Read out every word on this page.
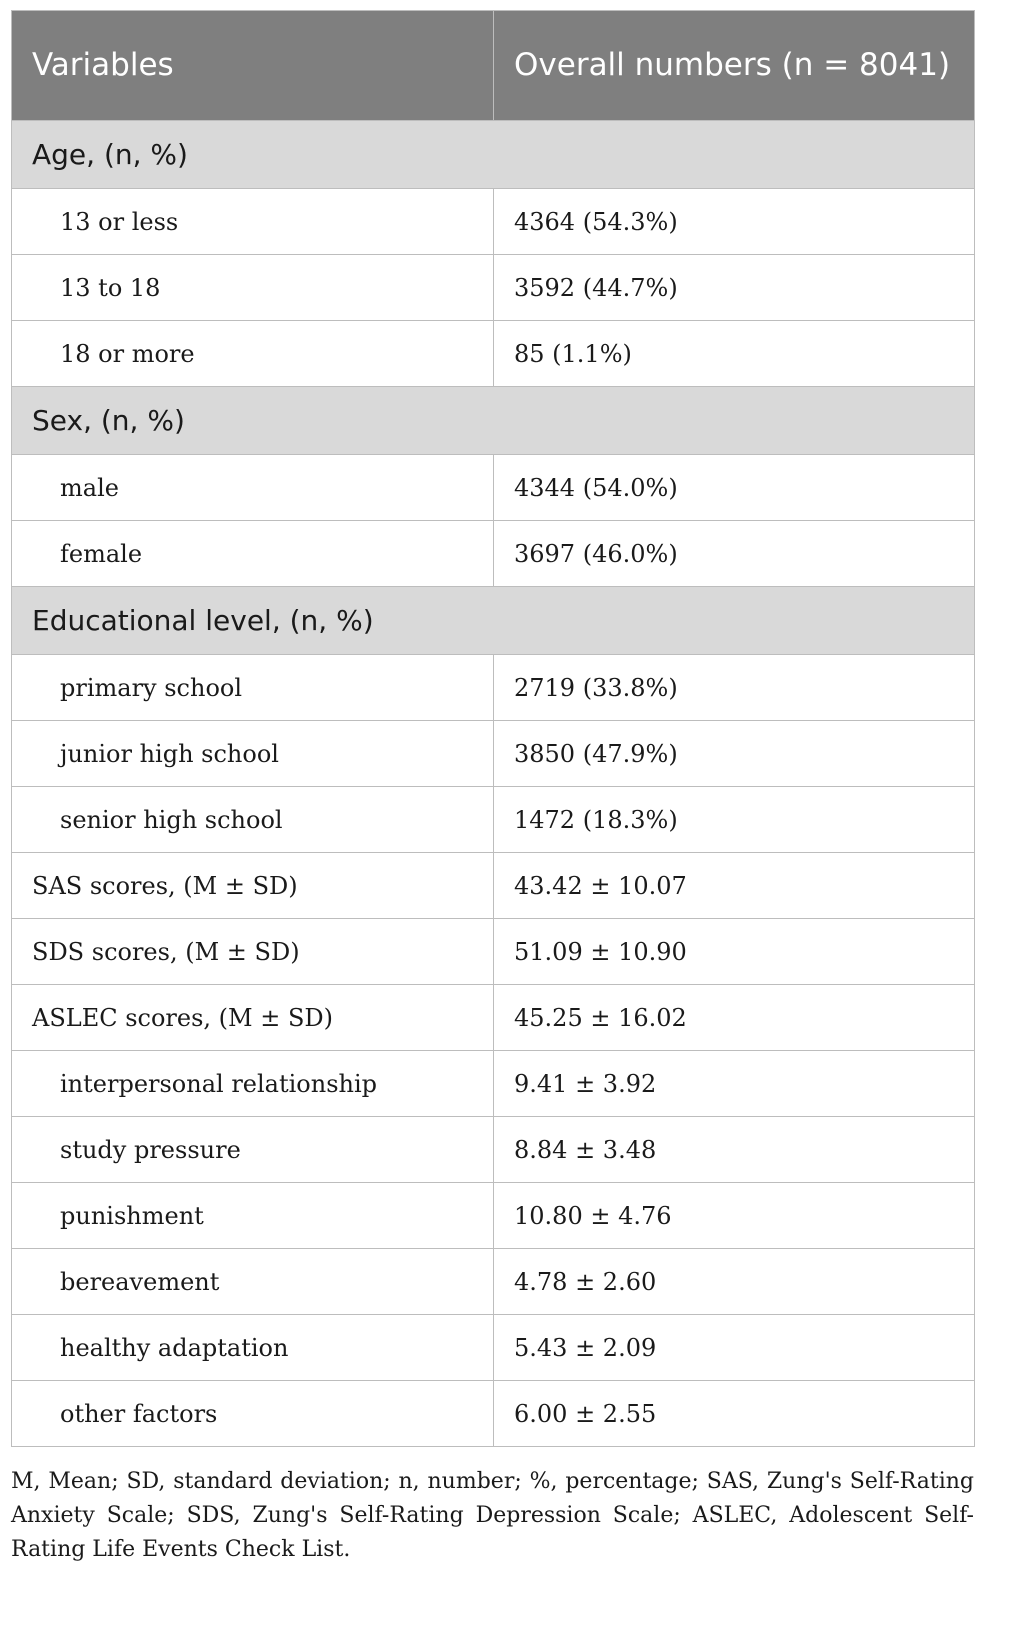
Variables	Overall numbers (n = 8041)
Age, (n, %)	
13 or less	4364 (54.3%)
13 to 18	3592 (44.7%)
18 or more	85 (1.1%)
Sex, (n, %)	
male	4344 (54.0%)
female	3697 (46.0%)
Educational level, (n, %)	
primary school	2719 (33.8%)
junior high school	3850 (47.9%)
senior high school	1472 (18.3%)
SAS scores, (M ± SD)	43.42 ± 10.07
SDS scores, (M ± SD)	51.09 ± 10.90
ASLEC scores, (M ± SD)	45.25 ± 16.02
interpersonal relationship	9.41 ± 3.92
study pressure	8.84 ± 3.48
punishment	10.80 ± 4.76
bereavement	4.78 ± 2.60
healthy adaptation	5.43 ± 2.09
other factors	6.00 ± 2.55

M, Mean; SD, standard deviation; n, number; %, percentage; SAS, Zung's Self-Rating Anxiety Scale; SDS, Zung's Self-Rating Depression Scale; ASLEC, Adolescent Self-Rating Life Events Check List.
